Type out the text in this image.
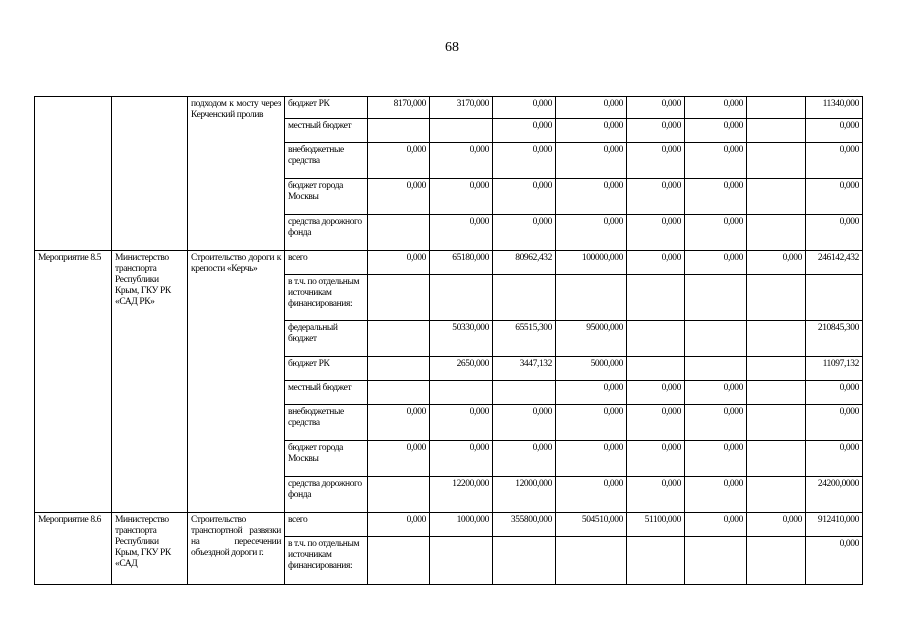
68
		подходом к мосту через Керченский пролив	бюджет РК	8170,000	3170,000	0,000	0,000	0,000	0,000		11340,000
			местный бюджет			0,000	0,000	0,000	0,000		0,000
			внебюджетные средства	0,000	0,000	0,000	0,000	0,000	0,000		0,000
			бюджет города Москвы	0,000	0,000	0,000	0,000	0,000	0,000		0,000
			средства дорожного фонда		0,000	0,000	0,000	0,000	0,000		0,000
Мероприятие 8.5	Министерство транспорта Республики Крым, ГКУ РК «САД РК»	Строительство дороги к крепости «Керчь»	всего	0,000	65180,000	80962,432	100000,000	0,000	0,000	0,000	246142,432
			в т.ч. по отдельным источникам финансирования:								
			федеральный бюджет		50330,000	65515,300	95000,000				210845,300
			бюджет РК		2650,000	3447,132	5000,000				11097,132
			местный бюджет				0,000	0,000	0,000		0,000
			внебюджетные средства	0,000	0,000	0,000	0,000	0,000	0,000		0,000
			бюджет города Москвы	0,000	0,000	0,000	0,000	0,000	0,000		0,000
			средства дорожного фонда		12200,000	12000,000	0,000	0,000	0,000		24200,0000
Мероприятие 8.6	Министерство транспорта Республики Крым, ГКУ РК «САД	Строительство транспортной развязки на пересечении объездной дороги г.	всего	0,000	1000,000	355800,000	504510,000	51100,000	0,000	0,000	912410,000
			в т.ч. по отдельным источникам финансирования:								0,000
